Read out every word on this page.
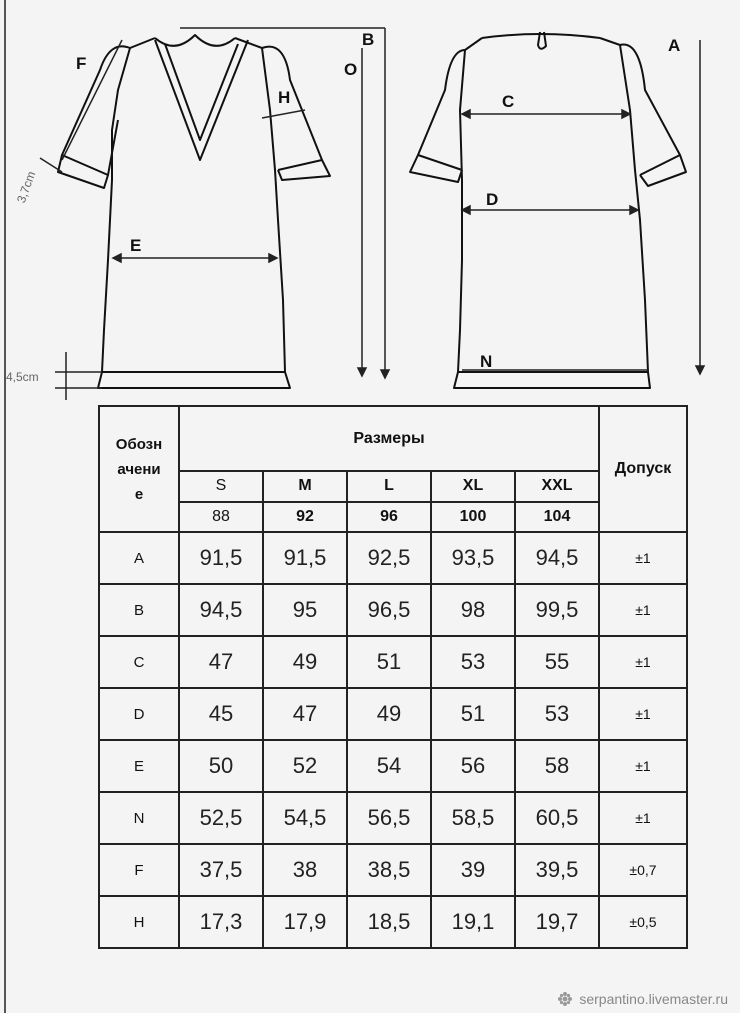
F
B
O
H
E
A
C
D
N
3,7cm
4,5cm
Обозн
ачени
е	Размеры					Допуск
	S	M	L	XL	XXL	
	88	92	96	100	104	
A	91,5	91,5	92,5	93,5	94,5	±1
B	94,5	95	96,5	98	99,5	±1
C	47	49	51	53	55	±1
D	45	47	49	51	53	±1
E	50	52	54	56	58	±1
N	52,5	54,5	56,5	58,5	60,5	±1
F	37,5	38	38,5	39	39,5	±0,7
H	17,3	17,9	18,5	19,1	19,7	±0,5
serpantino.livemaster.ru
